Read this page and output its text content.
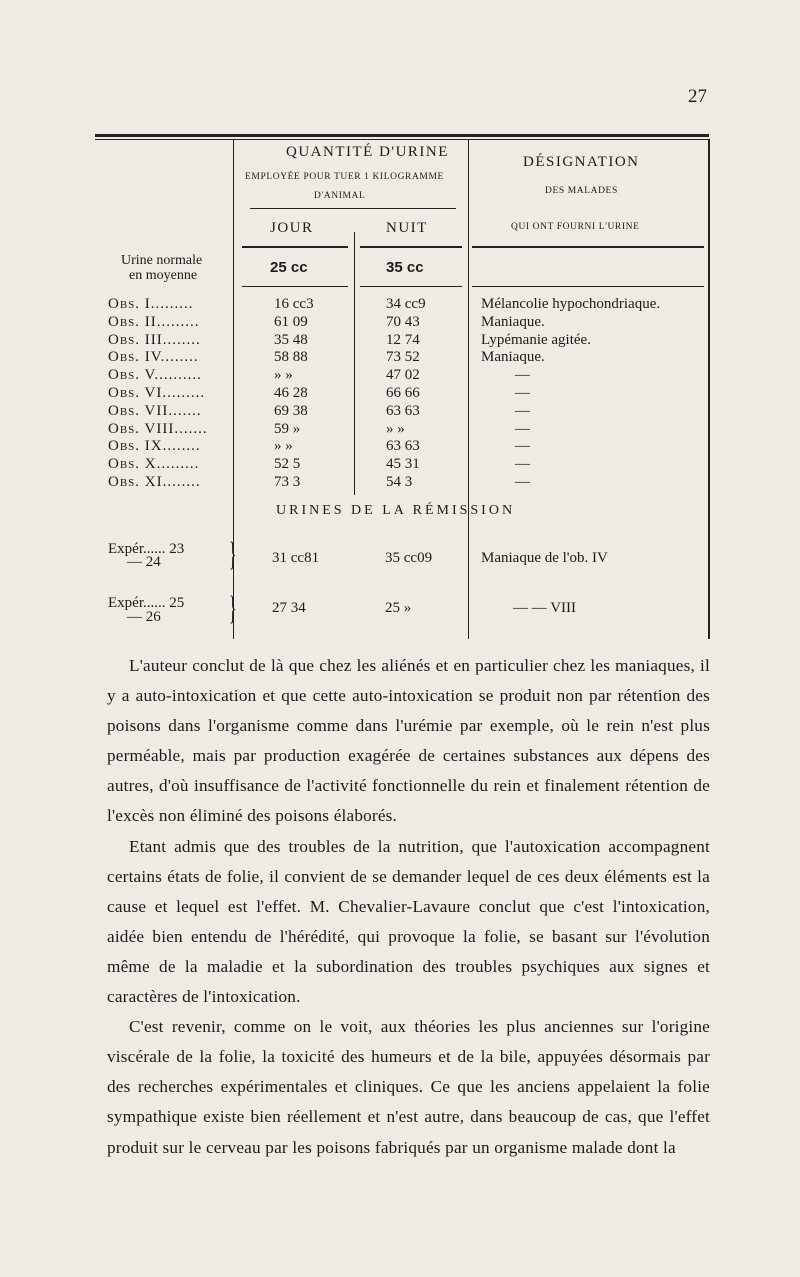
27
QUANTITÉ D'URINE
EMPLOYÉE POUR TUER 1 KILOGRAMME
D'ANIMAL
JOUR	NUIT
DÉSIGNATION
DES MALADES
QUI ONT FOURNI L'URINE
Urine normale
en moyenne	25 cc	35 cc
Obs. I.........	16 cc3	34 cc9	Mélancolie hypochondriaque.
Obs. II.........	61 09	70 43	Maniaque.
Obs. III........	35 48	12 74	Lypémanie agitée.
Obs. IV........	58 88	73 52	Maniaque.
Obs. V..........	» »	47 02	—
Obs. VI.........	46 28	66 66	—
Obs. VII.......	69 38	63 63	—
Obs. VIII.......	59 »	» »	—
Obs. IX........	» »	63 63	—
Obs. X.........	52 5	45 31	—
Obs. XI........	73 3	54 3	—
URINES DE LA RÉMISSION
Expér...... 23
— 24 } 31 cc81	35 cc09	Maniaque de l'ob. IV
Expér...... 25
— 26 } 27 34	25 »	— — VIII

L'auteur conclut de là que chez les aliénés et en particulier chez les maniaques, il y a auto-intoxication et que cette auto-intoxication se produit non par rétention des poisons dans l'organisme comme dans l'urémie par exemple, où le rein n'est plus perméable, mais par production exagérée de certaines substances aux dépens des autres, d'où insuffisance de l'activité fonctionnelle du rein et finalement rétention de l'excès non éliminé des poisons élaborés.

Etant admis que des troubles de la nutrition, que l'autoxication accompagnent certains états de folie, il convient de se demander lequel de ces deux éléments est la cause et lequel est l'effet. M. Chevalier-Lavaure conclut que c'est l'intoxication, aidée bien entendu de l'hérédité, qui provoque la folie, se basant sur l'évolution même de la maladie et la subordination des troubles psychiques aux signes et caractères de l'intoxication.

C'est revenir, comme on le voit, aux théories les plus anciennes sur l'origine viscérale de la folie, la toxicité des humeurs et de la bile, appuyées désormais par des recherches expérimentales et cliniques. Ce que les anciens appelaient la folie sympathique existe bien réellement et n'est autre, dans beaucoup de cas, que l'effet produit sur le cerveau par les poisons fabriqués par un organisme malade dont la
